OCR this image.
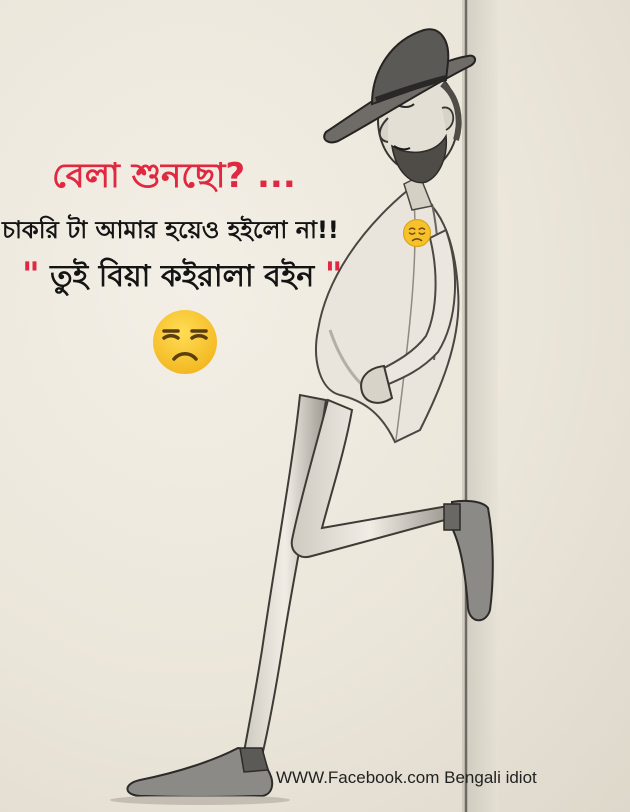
বেলা শুনছো? ...
চাকরি টা আমার হয়েও হইলো না!!
" তুই বিয়া কইরালা বইন "
WWW.Facebook.com Bengali idiot
